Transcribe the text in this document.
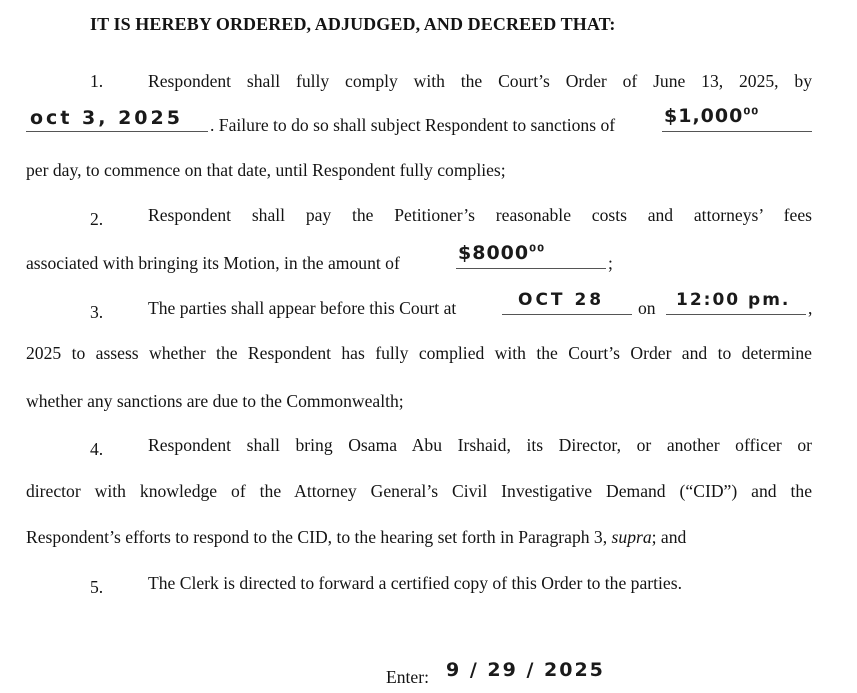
IT IS HEREBY ORDERED, ADJUDGED, AND DECREED THAT:
1.	Respondent shall fully comply with the Court’s Order of June 13, 2025, by
oct 3, 2025 . Failure to do so shall subject Respondent to sanctions of	$1,000$^{00}$
per day, to commence on that date, until Respondent fully complies;
2.	Respondent shall pay the Petitioner’s reasonable costs and attorneys’ fees
associated with bringing its Motion, in the amount of	$8000$^{00}$
;
3.	The parties shall appear before this Court at	OCT 28 on 12:00 pm. ,
2025 to assess whether the Respondent has fully complied with the Court’s Order and to determine
whether any sanctions are due to the Commonwealth;
4.	Respondent shall bring Osama Abu Irshaid, its Director, or another officer or
director with knowledge of the Attorney General’s Civil Investigative Demand (“CID”) and the
Respondent’s efforts to respond to the CID, to the hearing set forth in Paragraph 3, supra; and
5.	The Clerk is directed to forward a certified copy of this Order to the parties.
Enter: 9 / 29 / 2025
